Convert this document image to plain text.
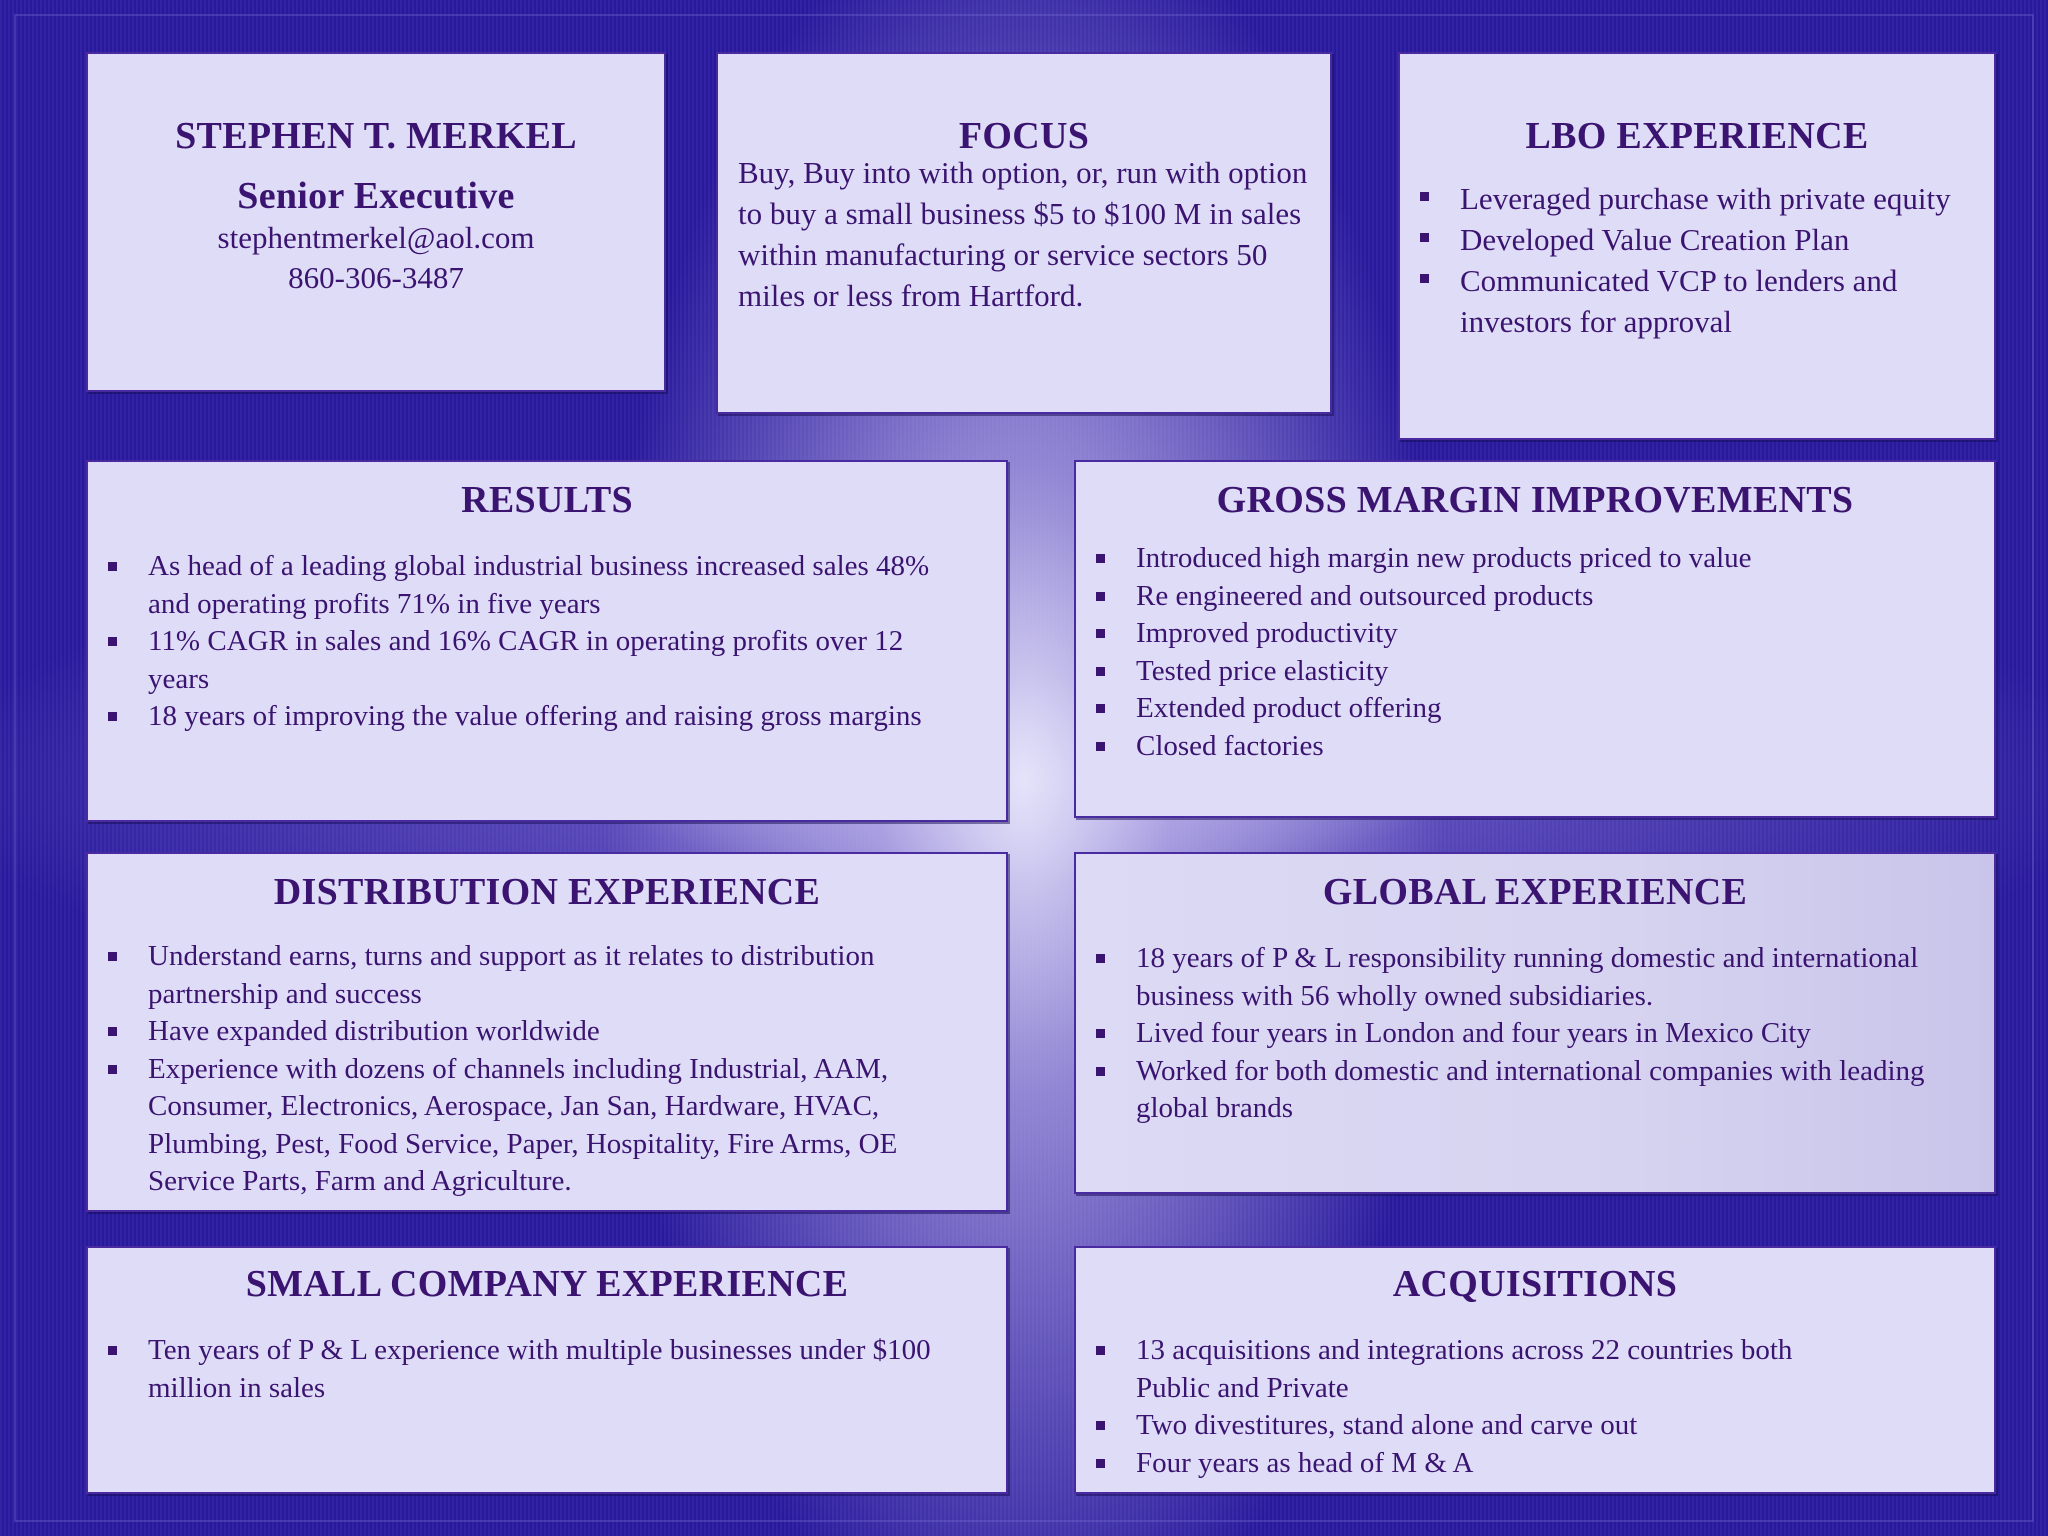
STEPHEN T. MERKEL
Senior Executive
stephentmerkel@aol.com
860-306-3487
FOCUS
Buy, Buy into with option, or, run with option to buy a small business $5 to $100 M in sales within manufacturing or service sectors 50 miles or less from Hartford.
LBO EXPERIENCE
Leveraged purchase with private equity
Developed Value Creation Plan
Communicated VCP to lenders and investors for approval
RESULTS
As head of a leading global industrial business increased sales 48% and operating profits 71% in five years
11% CAGR in sales and 16% CAGR in operating profits over 12 years
18 years of improving the value offering and raising gross margins
GROSS MARGIN IMPROVEMENTS
Introduced high margin new products priced to value
Re engineered and outsourced products
Improved productivity
Tested price elasticity
Extended product offering
Closed factories
DISTRIBUTION EXPERIENCE
Understand earns, turns and support as it relates to distribution partnership and success
Have expanded distribution worldwide
Experience with dozens of channels including Industrial, AAM, Consumer, Electronics, Aerospace, Jan San, Hardware, HVAC, Plumbing, Pest, Food Service, Paper, Hospitality, Fire Arms, OE Service Parts, Farm and Agriculture.
GLOBAL EXPERIENCE
18 years of P & L responsibility running domestic and international business with 56 wholly owned subsidiaries.
Lived four years in London and four years in Mexico City
Worked for both domestic and international companies with leading global brands
SMALL COMPANY EXPERIENCE
Ten years of P & L experience with multiple businesses under $100 million in sales
ACQUISITIONS
13 acquisitions and integrations across 22 countries both Public and Private
Two divestitures, stand alone and carve out
Four years as head of M & A
